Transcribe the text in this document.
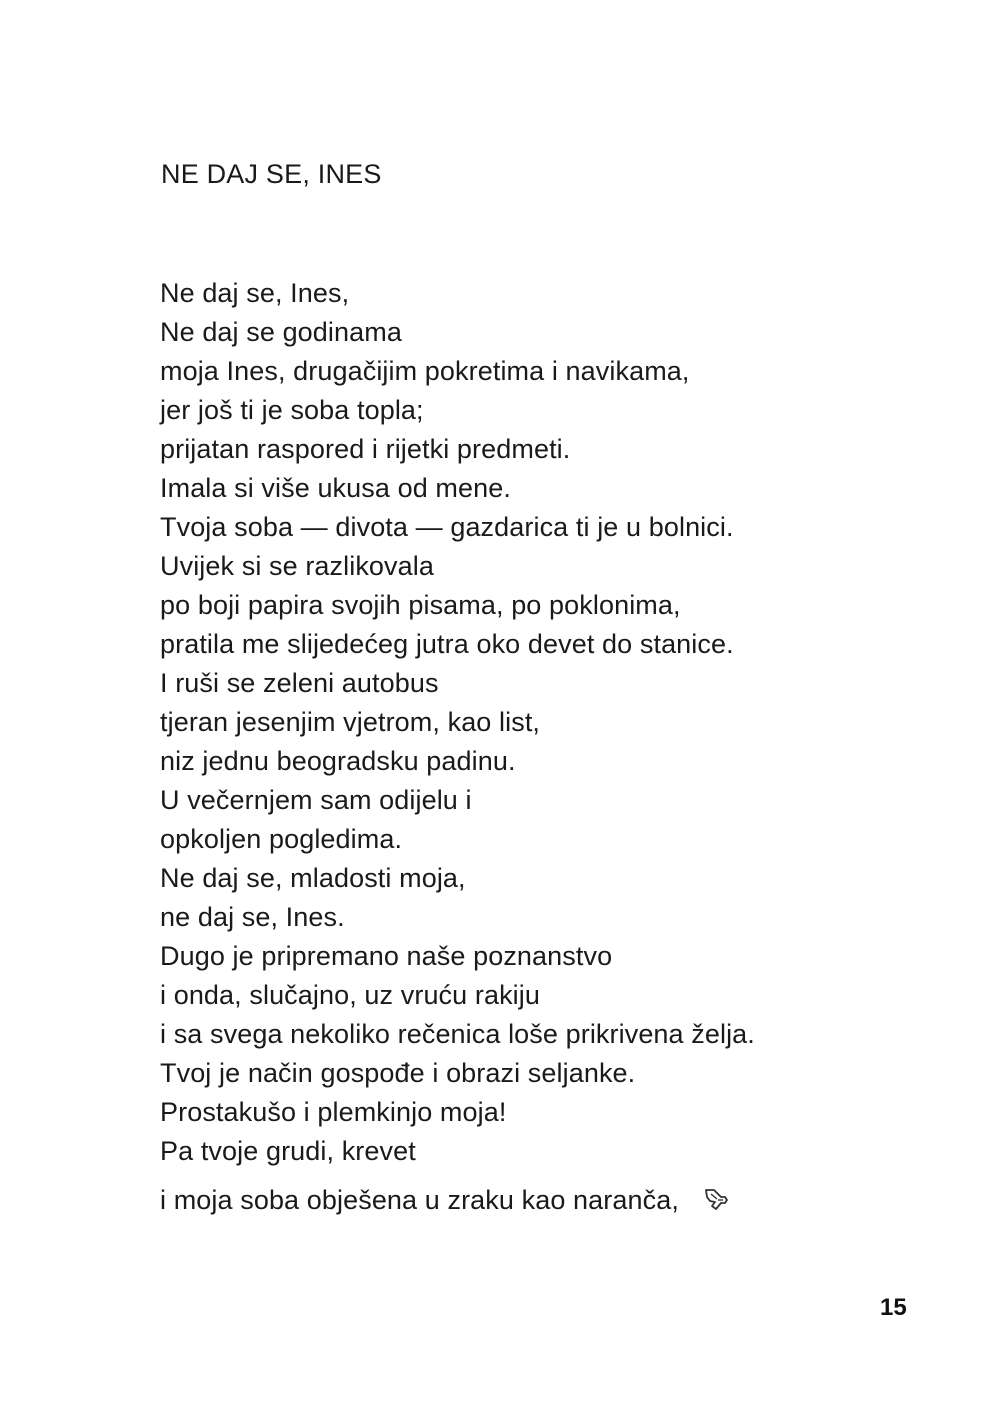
NE DAJ SE, INES
Ne daj se, Ines,
Ne daj se godinama
moja Ines, drugačijim pokretima i navikama,
jer još ti je soba topla;
prijatan raspored i rijetki predmeti.
Imala si više ukusa od mene.
Tvoja soba — divota — gazdarica ti je u bolnici.
Uvijek si se razlikovala
po boji papira svojih pisama, po poklonima,
pratila me slijedećeg jutra oko devet do stanice.
I ruši se zeleni autobus
tjeran jesenjim vjetrom, kao list,
niz jednu beogradsku padinu.
U večernjem sam odijelu i
opkoljen pogledima.
Ne daj se, mladosti moja,
ne daj se, Ines.
Dugo je pripremano naše poznanstvo
i onda, slučajno, uz vruću rakiju
i sa svega nekoliko rečenica loše prikrivena želja.
Tvoj je način gospođe i obrazi seljanke.
Prostakušo i plemkinjo moja!
Pa tvoje grudi, krevet
i moja soba obješena u zraku kao naranča,
15
